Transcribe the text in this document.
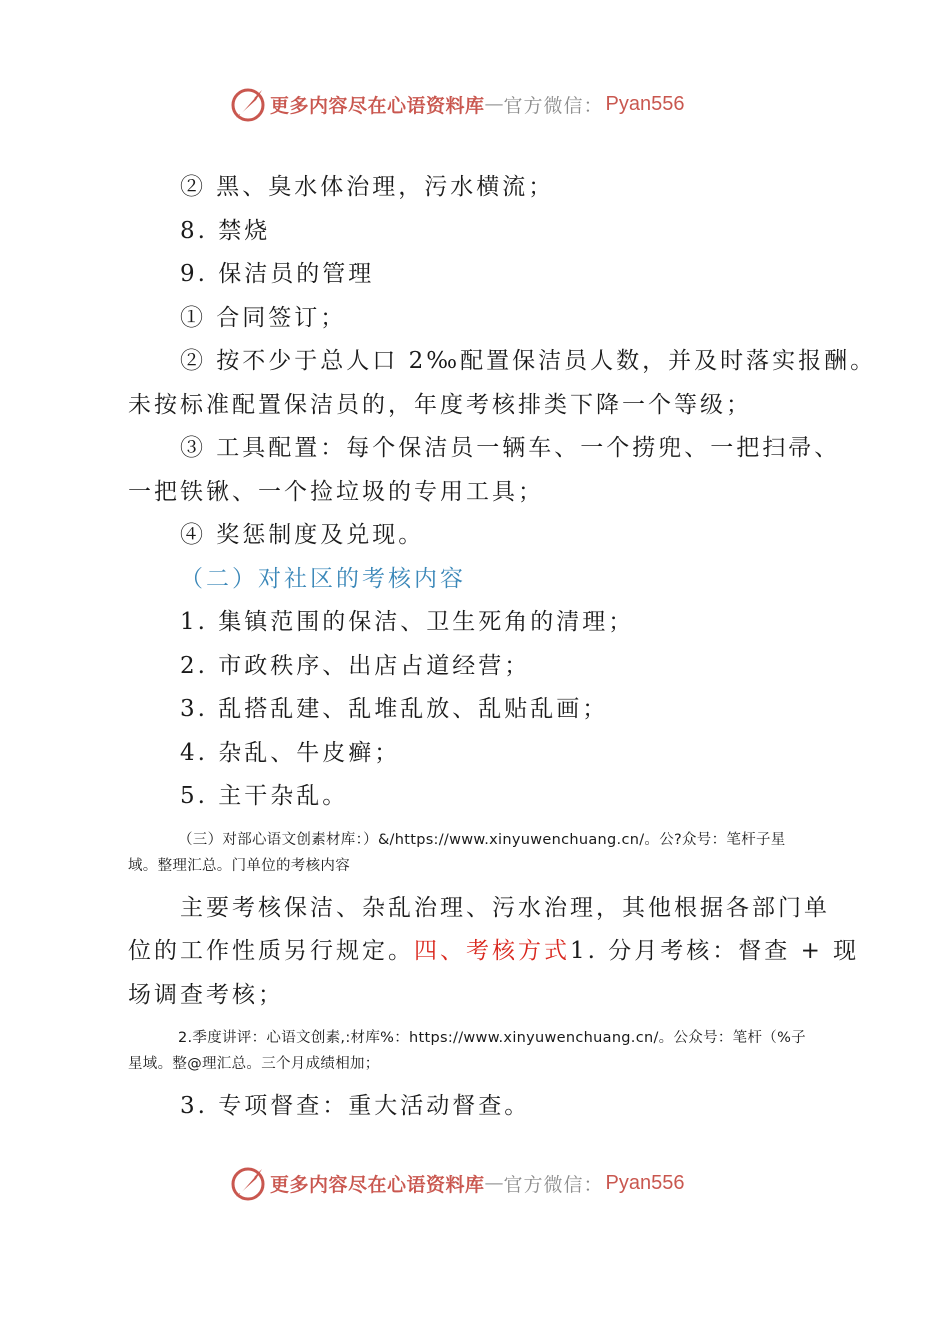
更多内容尽在心语资料库 — 官方微信： Pyan556
② 黑、臭水体治理，污水横流；
8. 禁烧
9. 保洁员的管理
① 合同签订；
② 按不少于总人口 2‰配置保洁员人数，并及时落实报酬。
未按标准配置保洁员的，年度考核排类下降一个等级；
③ 工具配置：每个保洁员一辆车、一个捞兜、一把扫帚、
一把铁锹、一个捡垃圾的专用工具；
④ 奖惩制度及兑现。
（二）对社区的考核内容
1. 集镇范围的保洁、卫生死角的清理；
2. 市政秩序、出店占道经营；
3. 乱搭乱建、乱堆乱放、乱贴乱画；
4. 杂乱、牛皮癣；
5. 主干杂乱。
（三）对部心语文创素材库：）&/https://www.xinyuwenchuang.cn/。公?众号：笔杆子星
域。整理汇总。门单位的考核内容
主要考核保洁、杂乱治理、污水治理，其他根据各部门单
位的工作性质另行规定。四、考核方式1. 分月考核：督查 + 现
场调查考核；
2.季度讲评：心语文创素,:材库%：https://www.xinyuwenchuang.cn/。公众号：笔杆（%子
星域。整@理汇总。三个月成绩相加；
3. 专项督查：重大活动督查。
更多内容尽在心语资料库 — 官方微信： Pyan556
